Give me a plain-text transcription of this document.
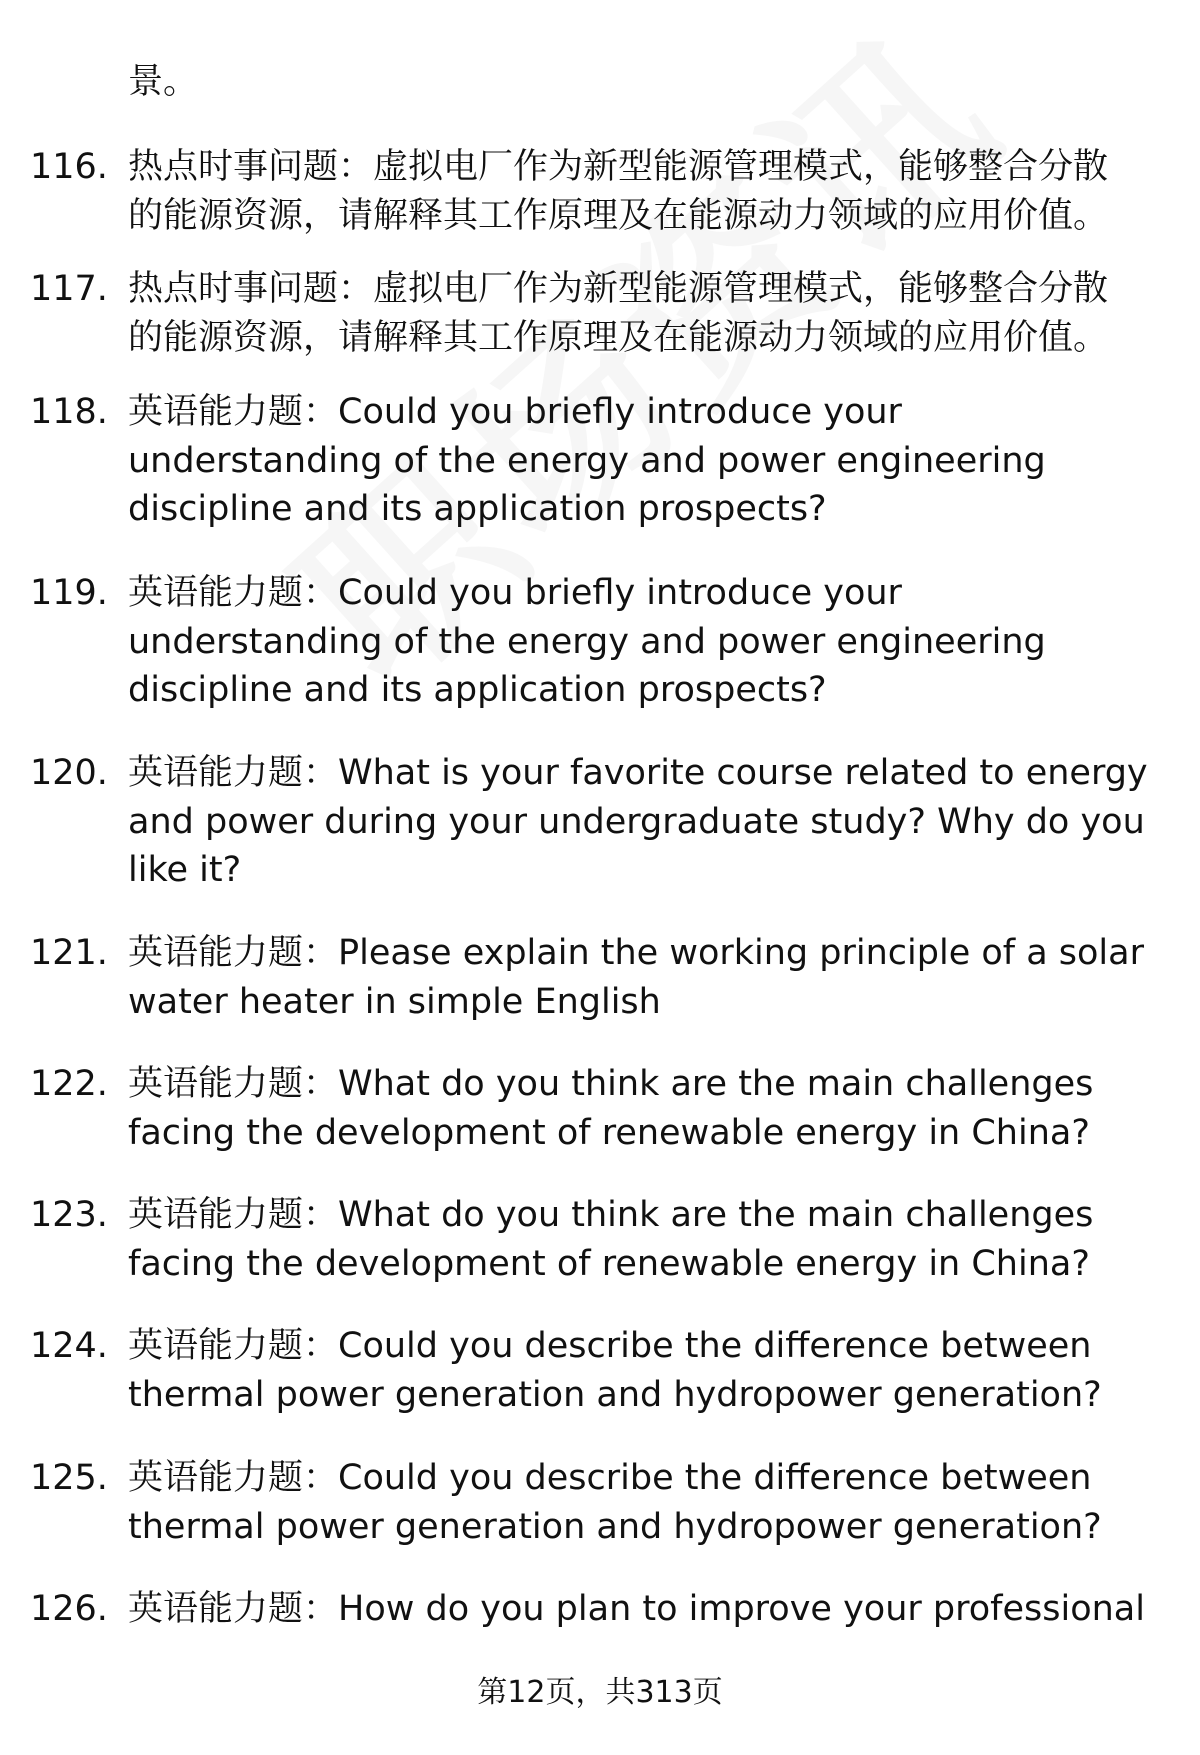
景。
116. 热点时事问题：虚拟电厂作为新型能源管理模式，能够整合分散
的能源资源，请解释其工作原理及在能源动力领域的应用价值。
117. 热点时事问题：虚拟电厂作为新型能源管理模式，能够整合分散
的能源资源，请解释其工作原理及在能源动力领域的应用价值。
118. 英语能力题：Could you briefly introduce your
understanding of the energy and power engineering
discipline and its application prospects?
119. 英语能力题：Could you briefly introduce your
understanding of the energy and power engineering
discipline and its application prospects?
120. 英语能力题：What is your favorite course related to energy
and power during your undergraduate study? Why do you
like it?
121. 英语能力题：Please explain the working principle of a solar
water heater in simple English
122. 英语能力题：What do you think are the main challenges
facing the development of renewable energy in China?
123. 英语能力题：What do you think are the main challenges
facing the development of renewable energy in China?
124. 英语能力题：Could you describe the difference between
thermal power generation and hydropower generation?
125. 英语能力题：Could you describe the difference between
thermal power generation and hydropower generation?
126. 英语能力题：How do you plan to improve your professional
第12页，共313页
